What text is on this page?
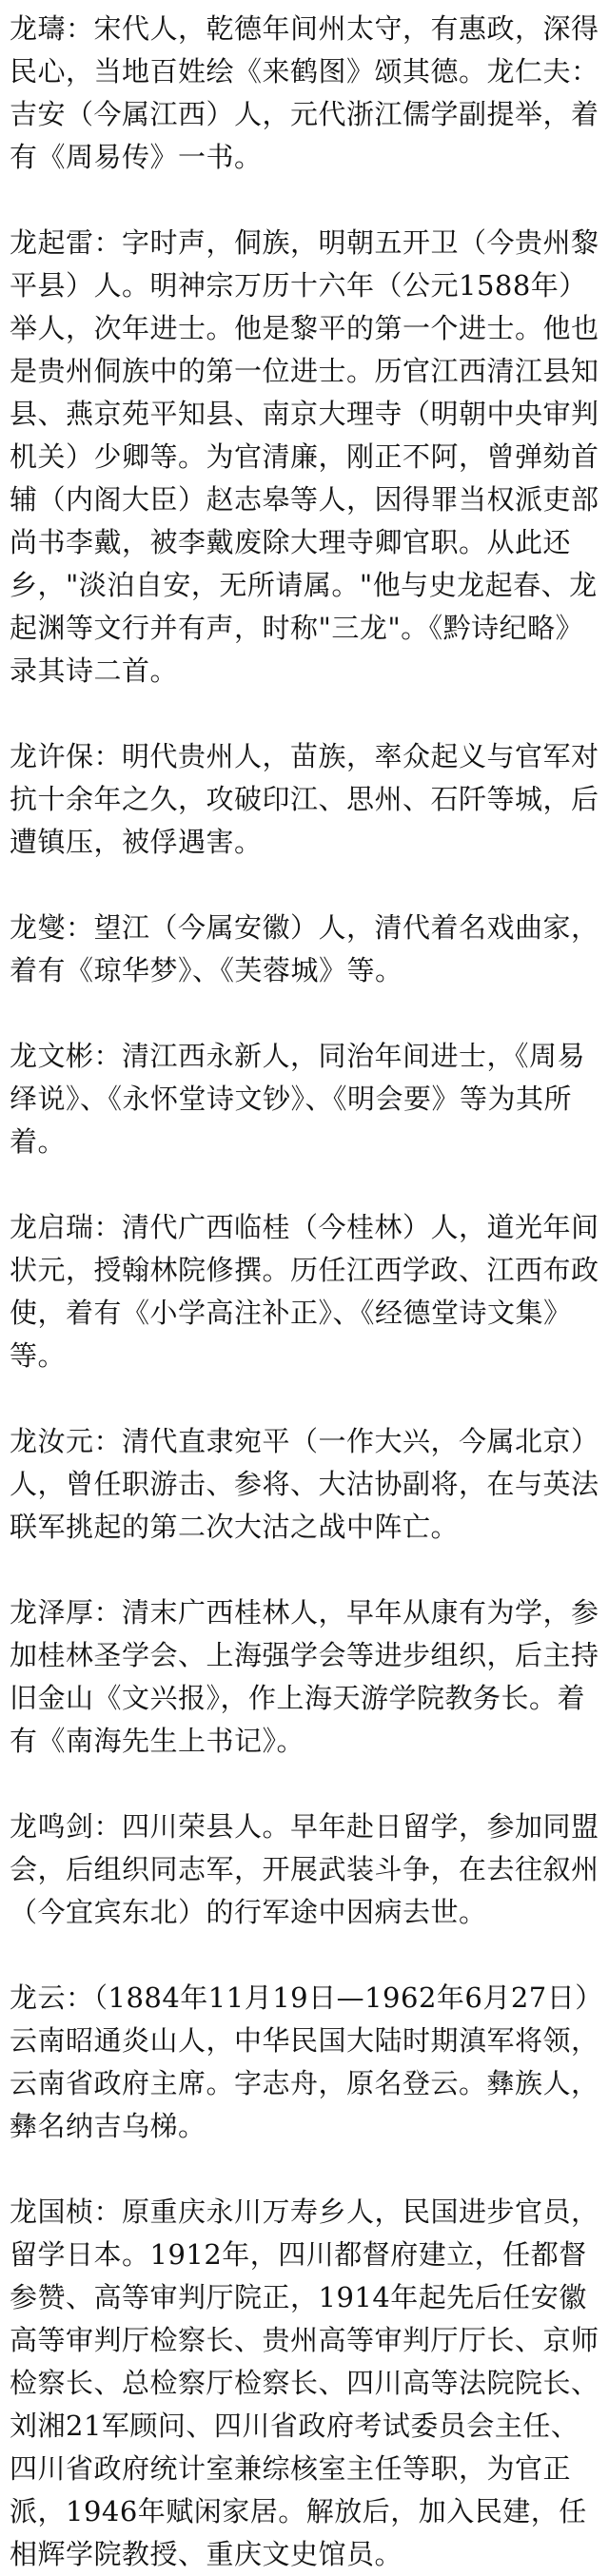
龙璹：宋代人，乾德年间州太守，有惠政，深得民心，当地百姓绘《来鹤图》颂其德。龙仁夫：吉安（今属江西）人，元代浙江儒学副提举，着有《周易传》一书。

龙起雷：字时声，侗族，明朝五开卫（今贵州黎平县）人。明神宗万历十六年（公元1588年）举人，次年进士。他是黎平的第一个进士。他也是贵州侗族中的第一位进士。历官江西清江县知县、燕京苑平知县、南京大理寺（明朝中央审判机关）少卿等。为官清廉，刚正不阿，曾弹劾首辅（内阁大臣）赵志皋等人，因得罪当权派吏部尚书李戴，被李戴废除大理寺卿官职。从此还乡，"淡泊自安，无所请属。"他与史龙起春、龙起渊等文行并有声，时称"三龙"。《黔诗纪略》录其诗二首。

龙许保：明代贵州人，苗族，率众起义与官军对抗十余年之久，攻破印江、思州、石阡等城，后遭镇压，被俘遇害。

龙燮：望江（今属安徽）人，清代着名戏曲家，着有《琼华梦》、《芙蓉城》等。

龙文彬：清江西永新人，同治年间进士，《周易绎说》、《永怀堂诗文钞》、《明会要》等为其所着。

龙启瑞：清代广西临桂（今桂林）人，道光年间状元，授翰林院修撰。历任江西学政、江西布政使，着有《小学高注补正》、《经德堂诗文集》等。

龙汝元：清代直隶宛平（一作大兴，今属北京）人，曾任职游击、参将、大沽协副将，在与英法联军挑起的第二次大沽之战中阵亡。

龙泽厚：清末广西桂林人，早年从康有为学，参加桂林圣学会、上海强学会等进步组织，后主持旧金山《文兴报》，作上海天游学院教务长。着有《南海先生上书记》。

龙鸣剑：四川荣县人。早年赴日留学，参加同盟会，后组织同志军，开展武装斗争，在去往叙州（今宜宾东北）的行军途中因病去世。

龙云：（1884年11月19日—1962年6月27日）云南昭通炎山人，中华民国大陆时期滇军将领，云南省政府主席。字志舟，原名登云。彝族人，彝名纳吉乌梯。

龙国桢：原重庆永川万寿乡人，民国进步官员，留学日本。1912年，四川都督府建立，任都督参赞、高等审判厅院正，1914年起先后任安徽高等审判厅检察长、贵州高等审判厅厅长、京师检察长、总检察厅检察长、四川高等法院院长、刘湘21军顾问、四川省政府考试委员会主任、四川省政府统计室兼综核室主任等职，为官正派，1946年赋闲家居。解放后，加入民建，任相辉学院教授、重庆文史馆员。
